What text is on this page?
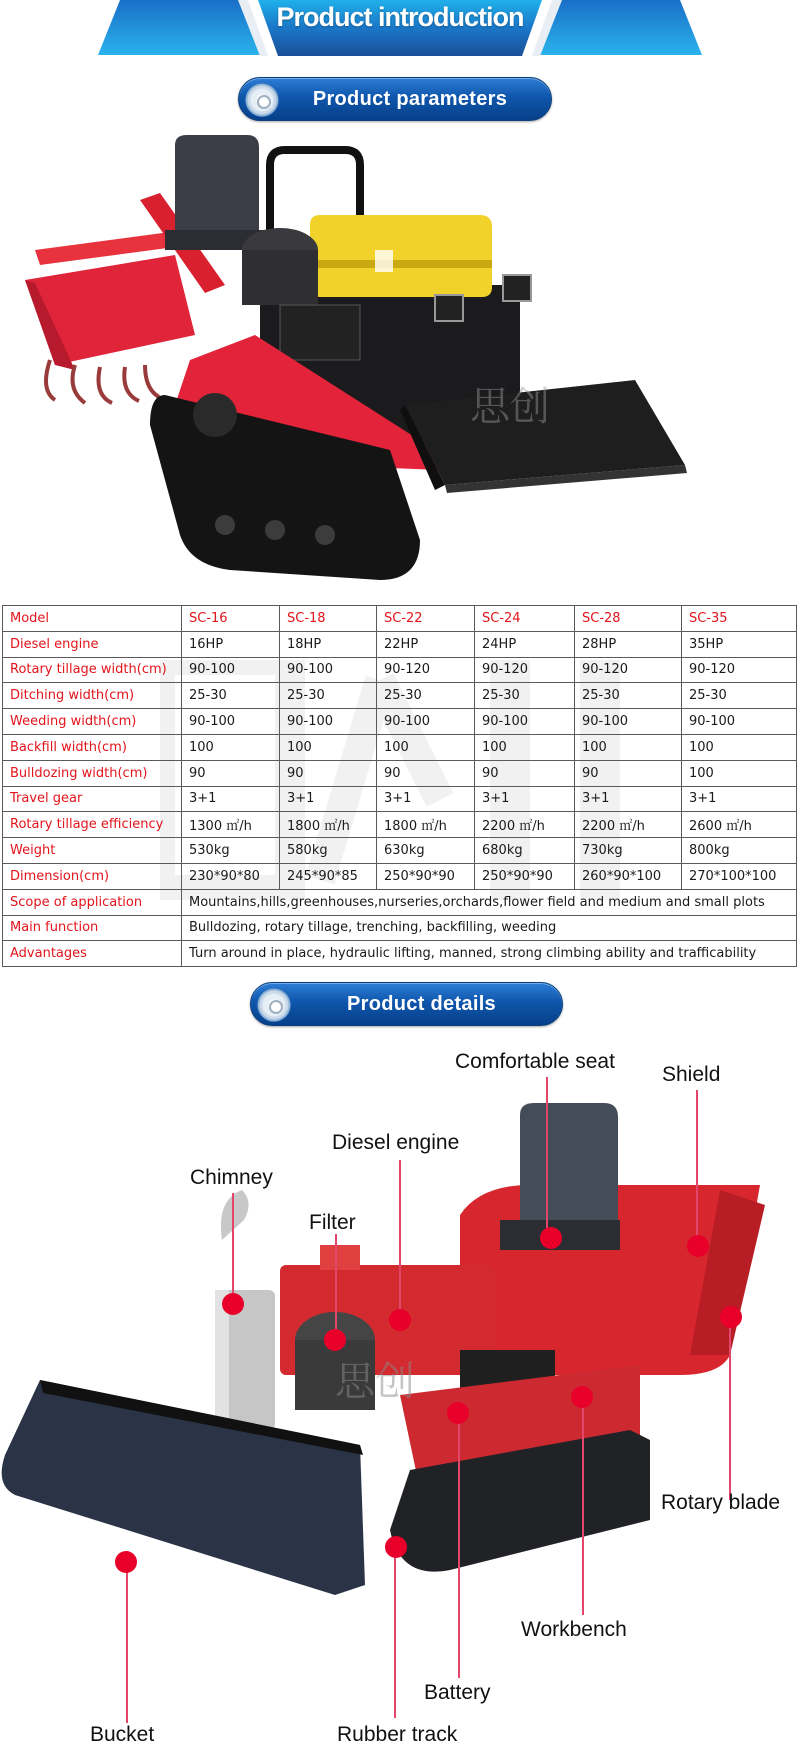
Product introduction
Product parameters
思创
Model	SC-16	SC-18	SC-22	SC-24	SC-28	SC-35
Diesel engine	16HP	18HP	22HP	24HP	28HP	35HP
Rotary tillage width(cm)	90-100	90-100	90-120	90-120	90-120	90-120
Ditching width(cm)	25-30	25-30	25-30	25-30	25-30	25-30
Weeding width(cm)	90-100	90-100	90-100	90-100	90-100	90-100
Backfill width(cm)	100	100	100	100	100	100
Bulldozing width(cm)	90	90	90	90	90	100
Travel gear	3+1	3+1	3+1	3+1	3+1	3+1
Rotary tillage efficiency	1300 ㎡/h	1800 ㎡/h	1800 ㎡/h	2200 ㎡/h	2200 ㎡/h	2600 ㎡/h
Weight	530kg	580kg	630kg	680kg	730kg	800kg
Dimension(cm)	230*90*80	245*90*85	250*90*90	250*90*90	260*90*100	270*100*100
Scope of application	Mountains,hills,greenhouses,nurseries,orchards,flower field and medium and small plots					
Main function	Bulldozing, rotary tillage, trenching, backfilling, weeding					
Advantages	Turn around in place, hydraulic lifting, manned, strong climbing ability and trafficability					
Product details
思创
Comfortable seat
Shield
Diesel engine
Chimney
Filter
Rotary blade
Workbench
Battery
Bucket	Rubber track
